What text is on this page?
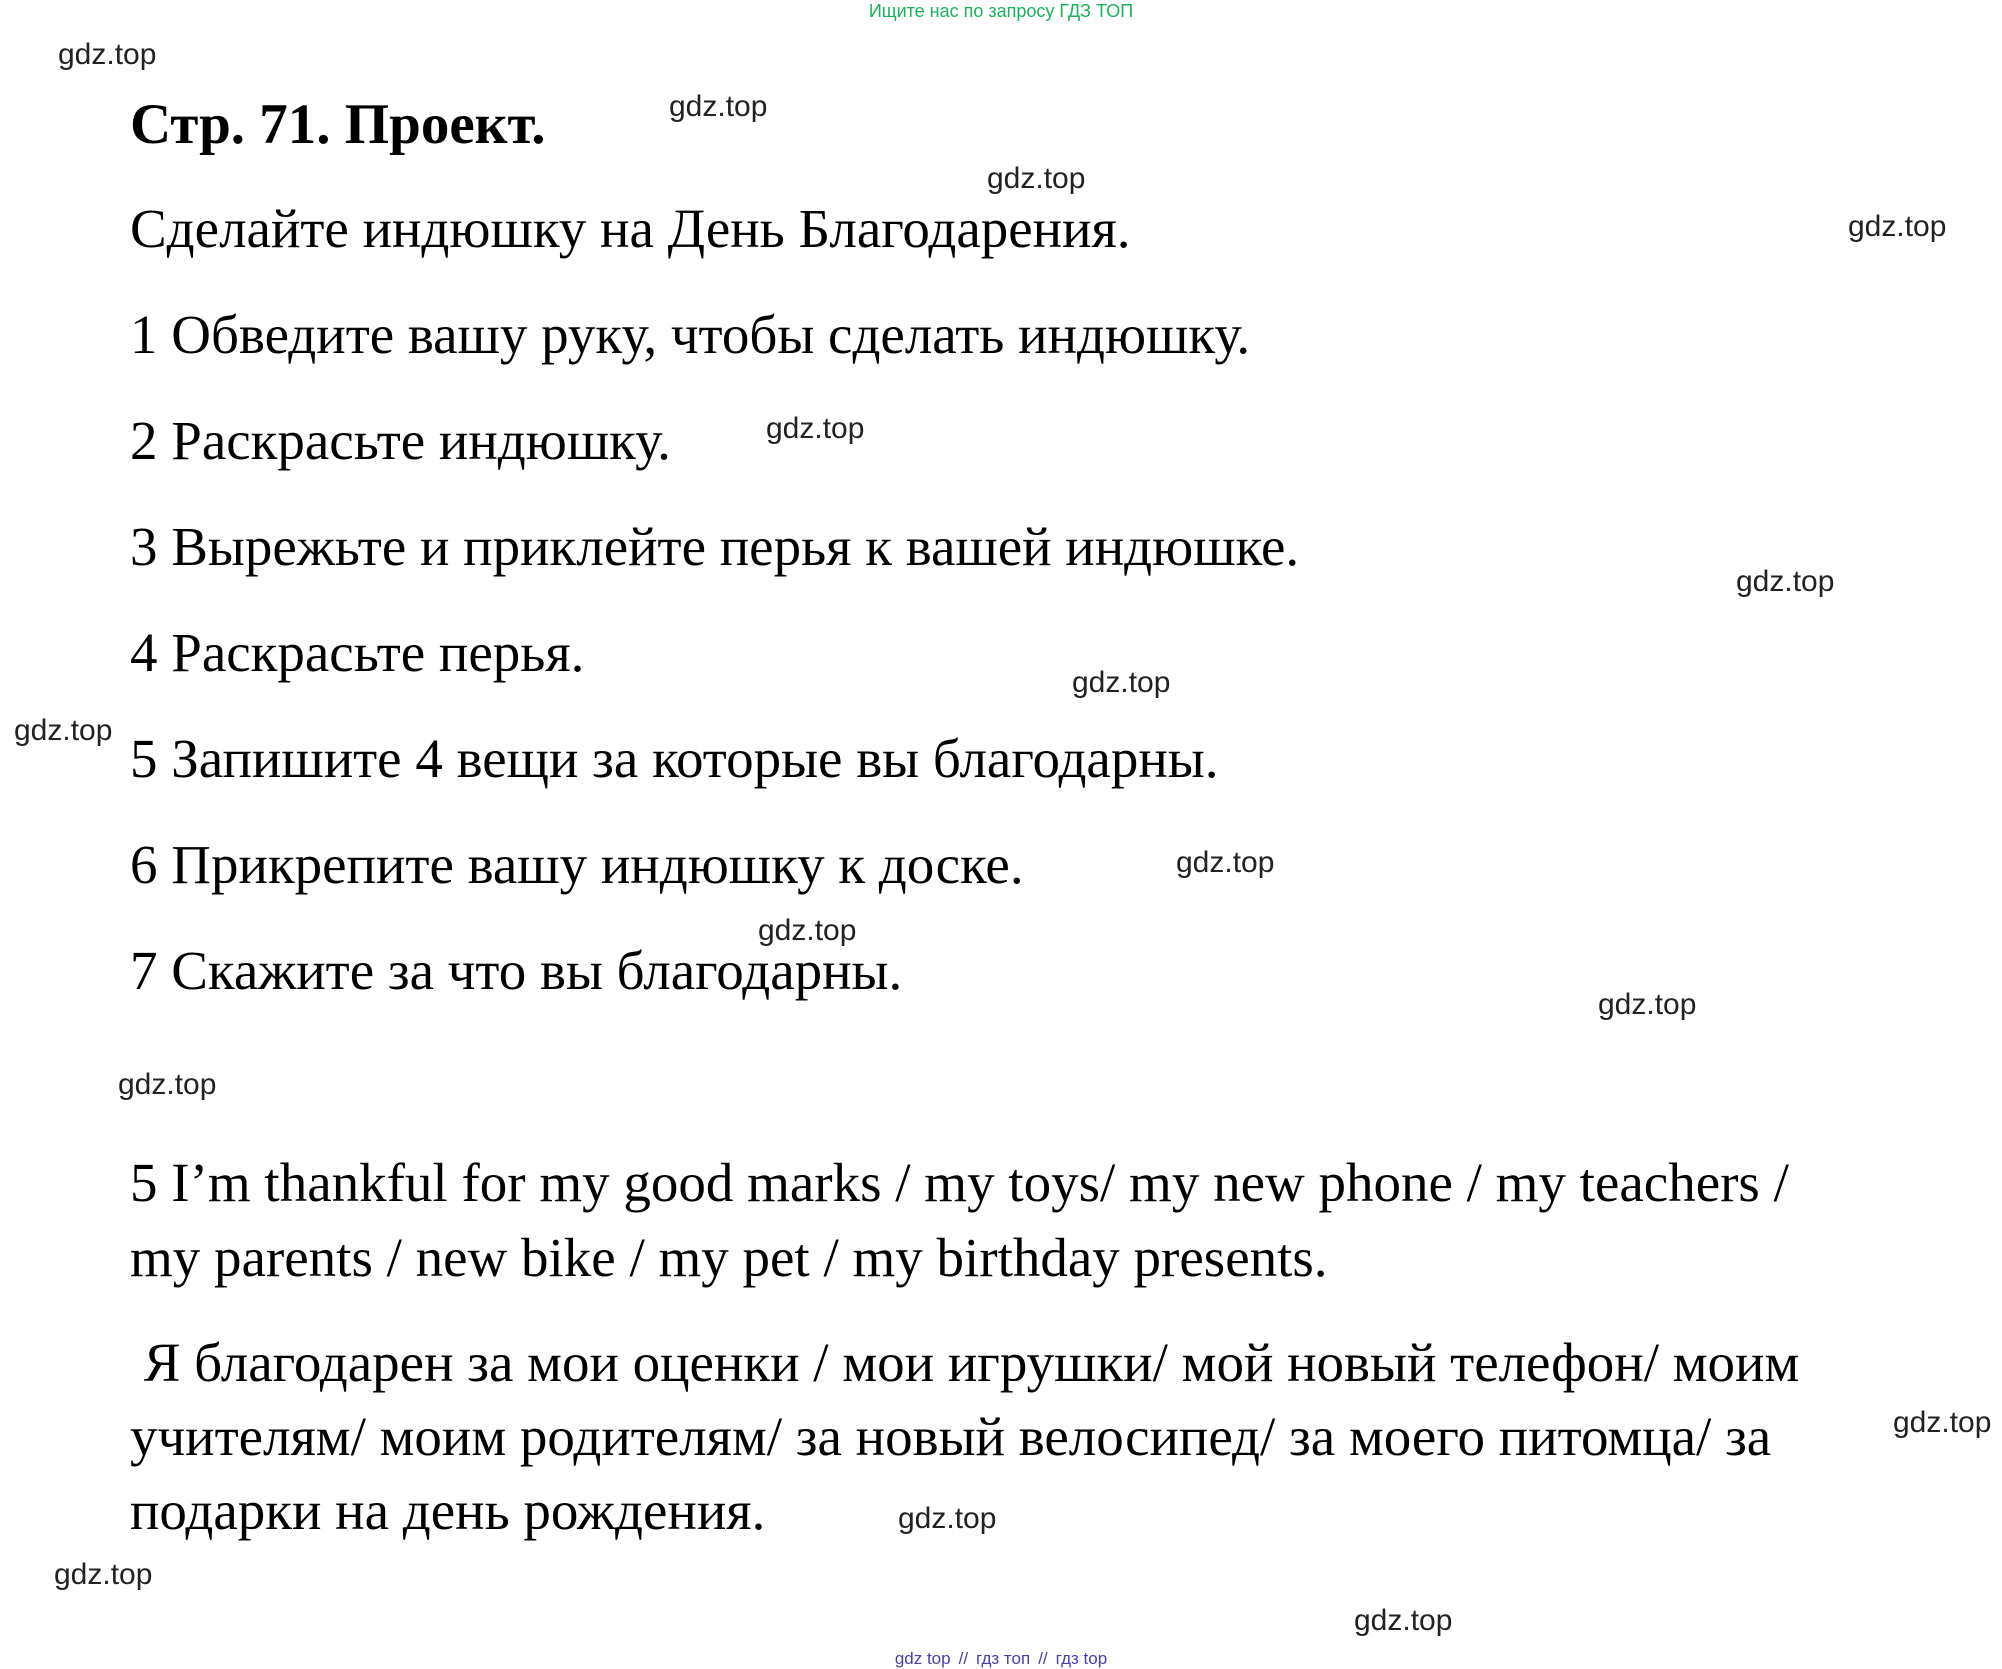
Ищите нас по запросу ГДЗ ТОП
Стр. 71. Проект.
Сделайте индюшку на День Благодарения.
1 Обведите вашу руку, чтобы сделать индюшку.
2 Раскрасьте индюшку.
3 Вырежьте и приклейте перья к вашей индюшке.
4 Раскрасьте перья.
5 Запишите 4 вещи за которые вы благодарны.
6 Прикрепите вашу индюшку к доске.
7 Скажите за что вы благодарны.
5 I’m thankful for my good marks / my toys/ my new phone / my teachers /
my parents / new bike / my pet / my birthday presents.
Я благодарен за мои оценки / мои игрушки/ мой новый телефон/ моим
учителям/ моим родителям/ за новый велосипед/ за моего питомца/ за
подарки на день рождения.
gdz.top
gdz.top
gdz.top
gdz.top
gdz.top
gdz.top
gdz.top
gdz.top
gdz.top
gdz.top
gdz.top
gdz.top
gdz.top
gdz.top
gdz.top
gdz.top
gdz top // гдз топ // гдз top
